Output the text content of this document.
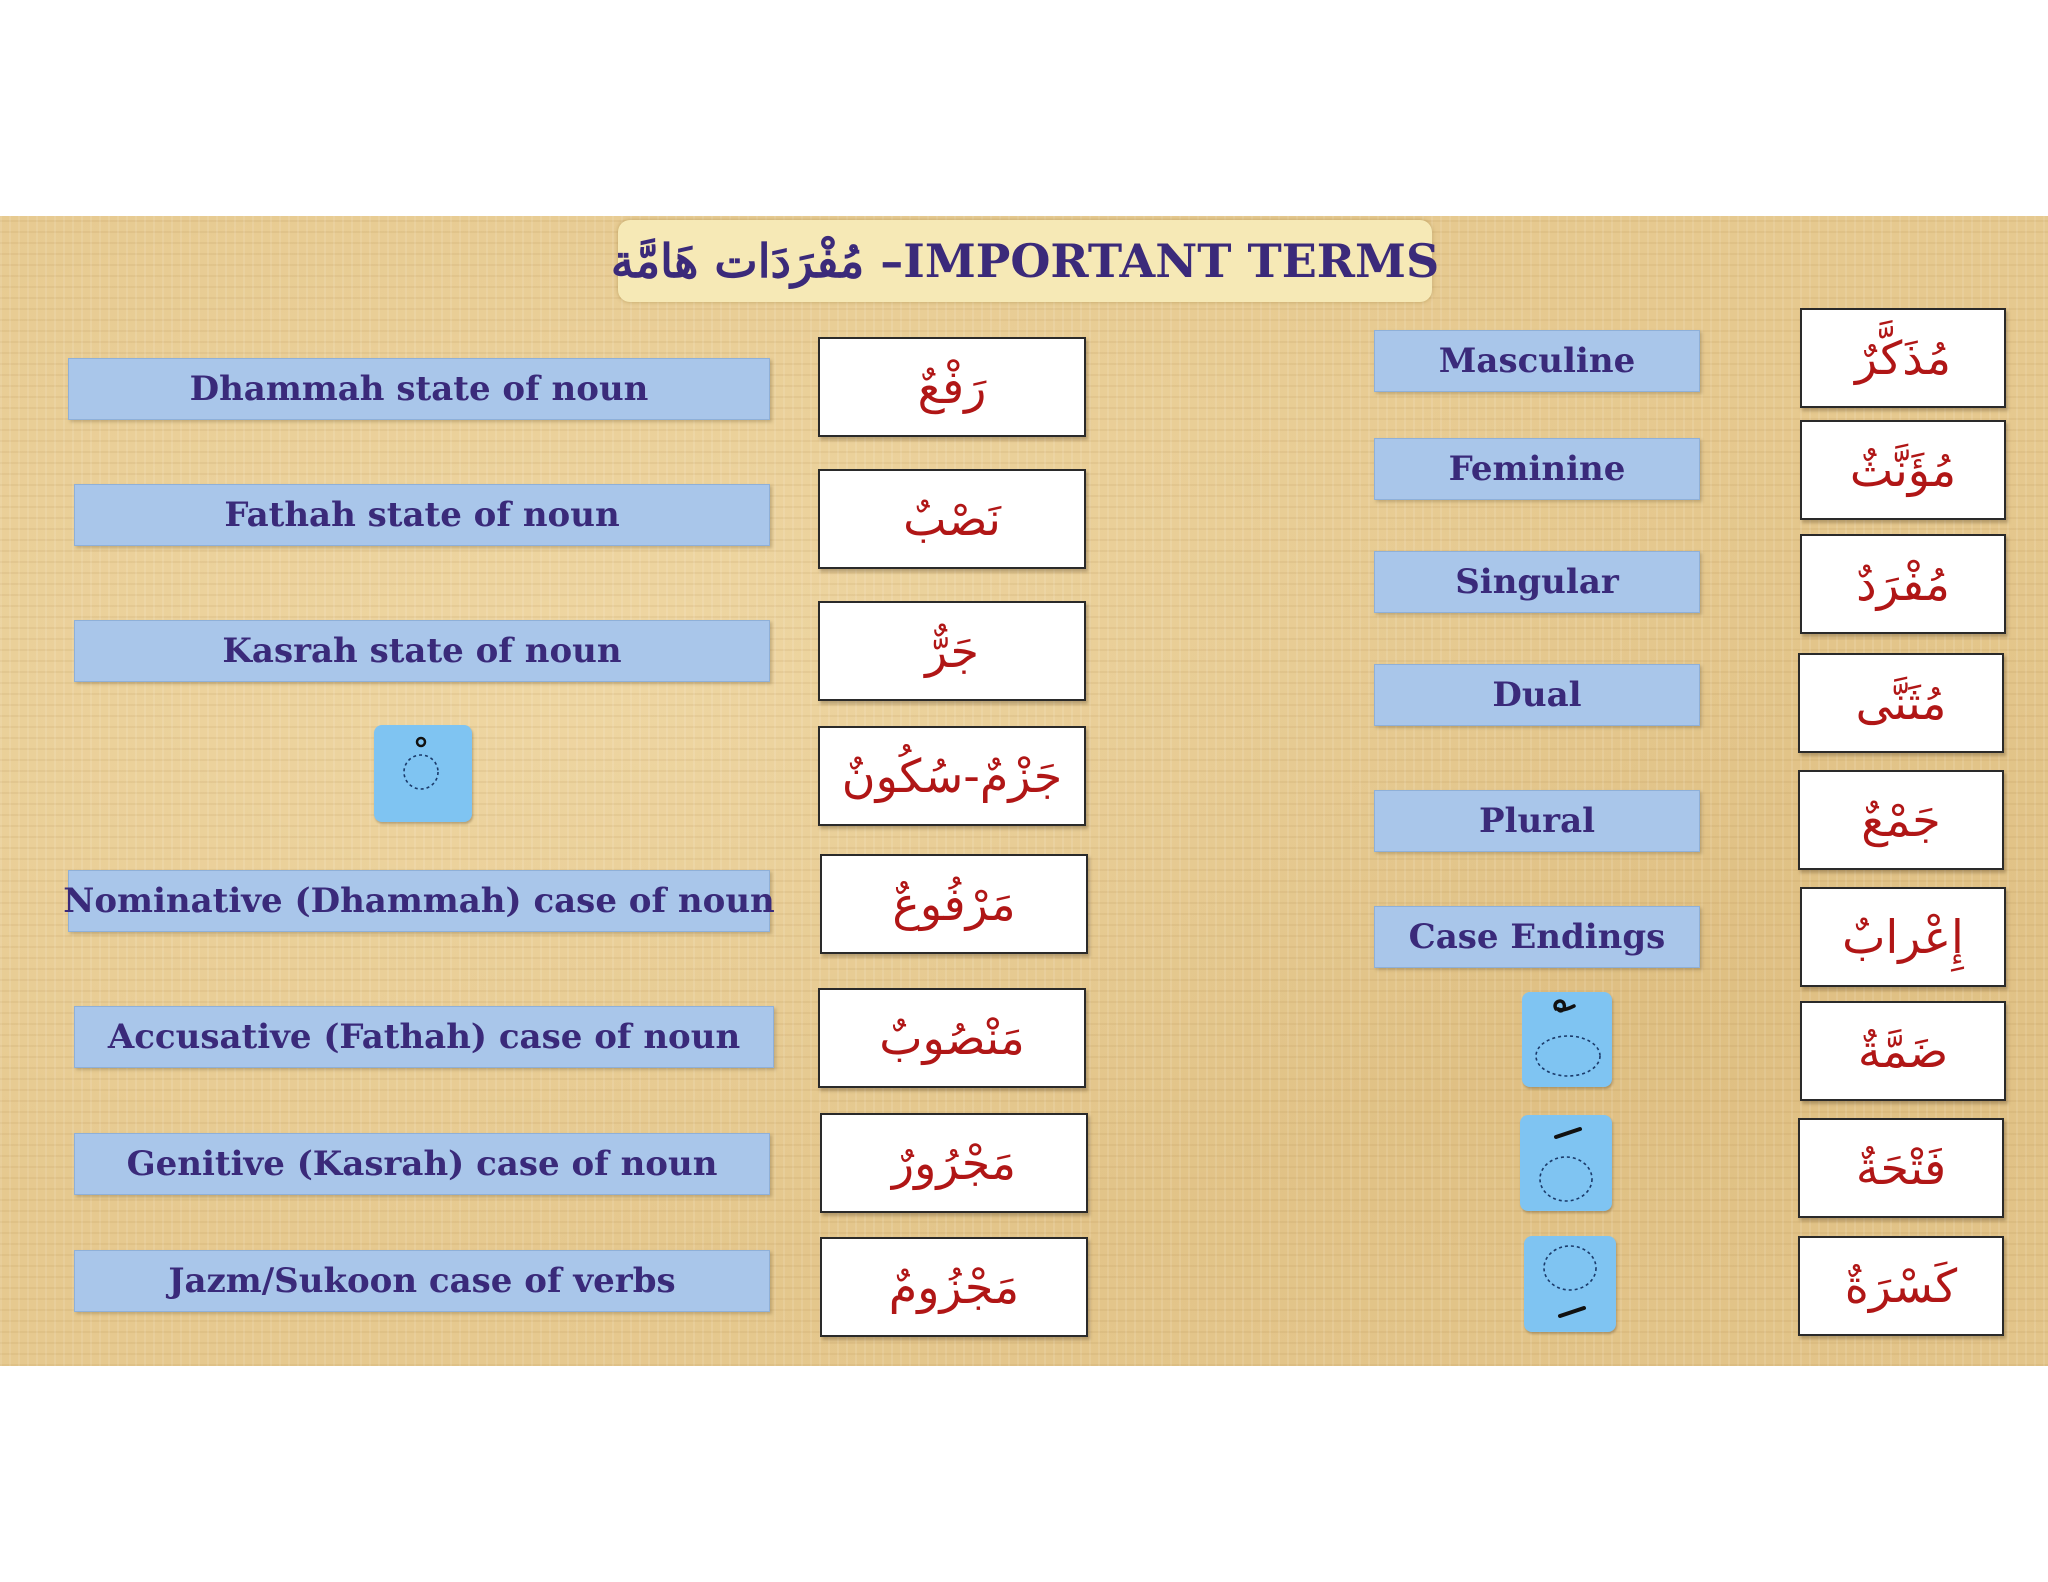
مُفْرَدَات هَامَّة –IMPORTANT TERMS
Dhammah state of noun	رَفْعٌ
Fathah state of noun	نَصْبٌ
Kasrah state of noun	جَرٌّ
جَزْمٌ-سُكُونٌ
Nominative (Dhammah) case of noun	مَرْفُوعٌ
Accusative (Fathah) case of noun	مَنْصُوبٌ
Genitive (Kasrah) case of noun	مَجْرُورٌ
Jazm/Sukoon case of verbs	مَجْزُومٌ
Masculine	مُذَكَّرٌ
Feminine	مُؤَنَّثٌ
Singular	مُفْرَدٌ
Dual	مُثَنَّى
Plural	جَمْعٌ
Case Endings	إِعْرابٌ
ضَمَّةٌ
فَتْحَةٌ
كَسْرَةٌ
